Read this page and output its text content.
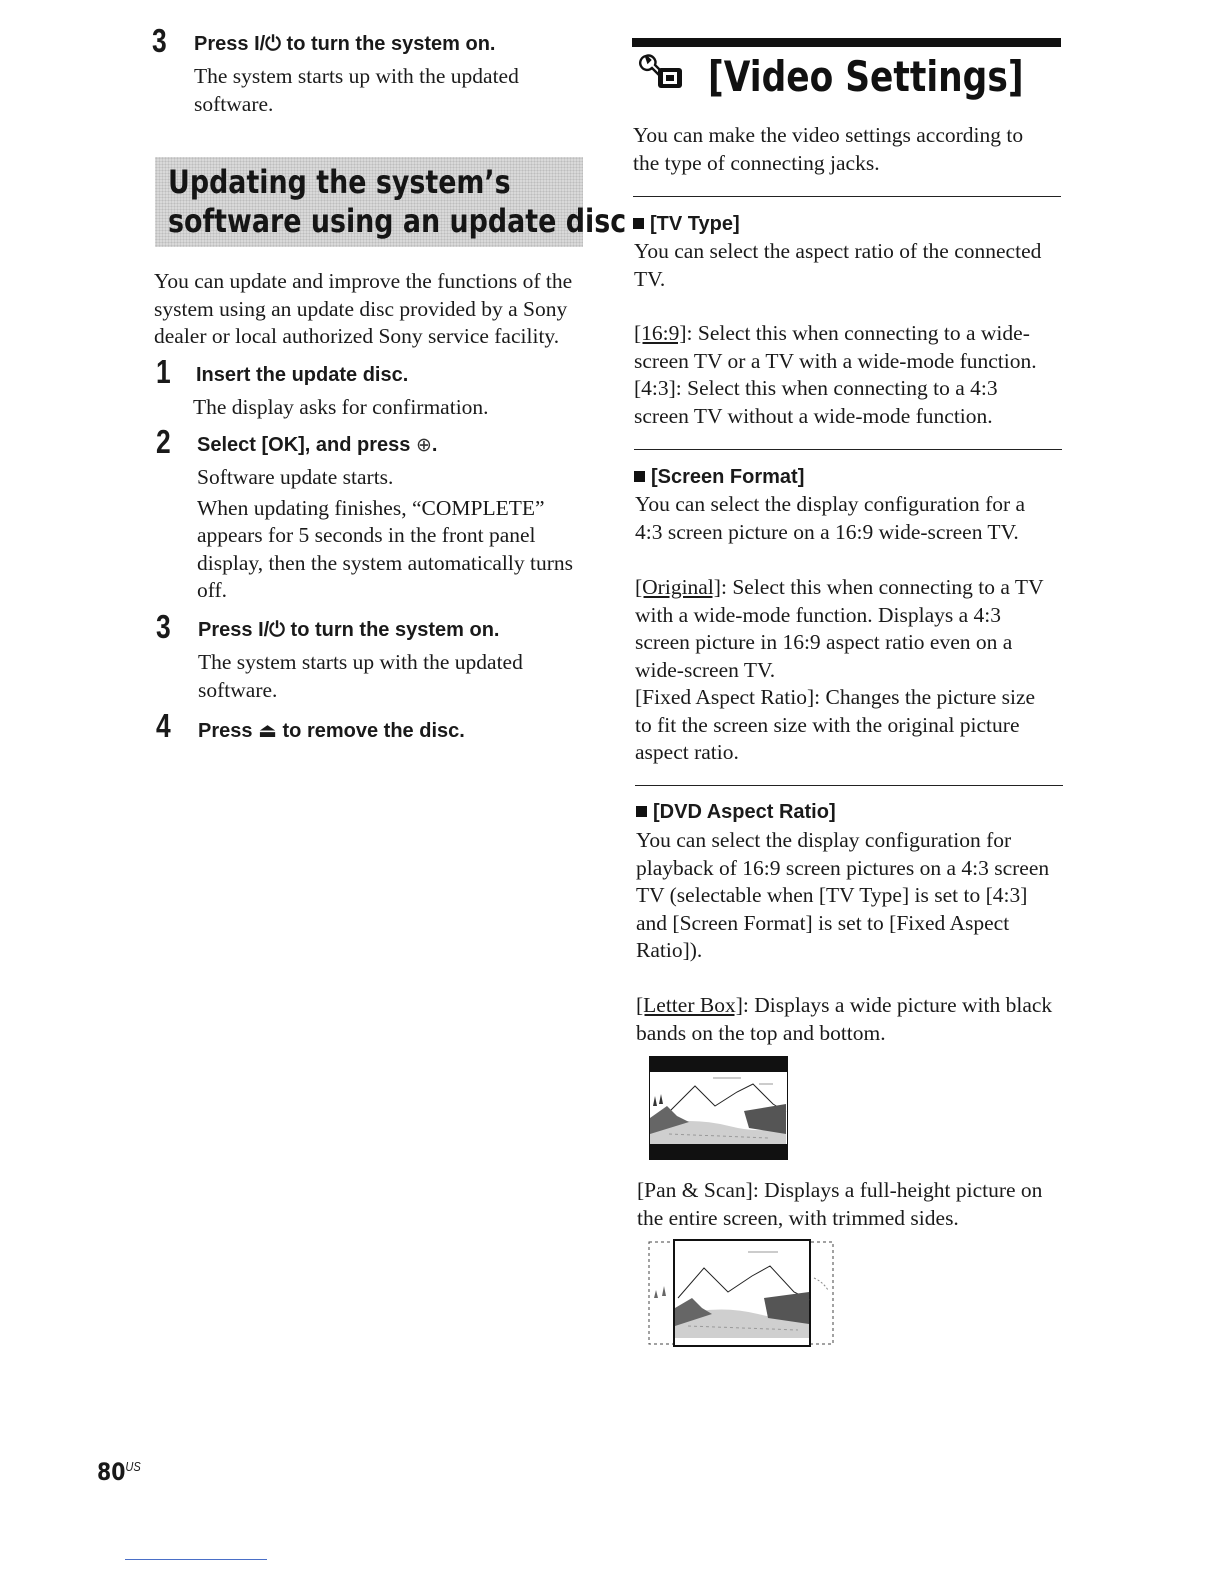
3 Press I/⏻ to turn the system on.
The system starts up with the updated
software.
Updating the system’s
software using an update disc
You can update and improve the functions of the
system using an update disc provided by a Sony
dealer or local authorized Sony service facility.
1 Insert the update disc.
The display asks for confirmation.
2 Select [OK], and press ⊕.
Software update starts.
When updating finishes, “COMPLETE”
appears for 5 seconds in the front panel
display, then the system automatically turns
off.
3 Press I/⏻ to turn the system on.
The system starts up with the updated
software.
4 Press ⏏ to remove the disc.
[Video Settings]
You can make the video settings according to
the type of connecting jacks.
[TV Type]
You can select the aspect ratio of the connected
TV.
[16:9]: Select this when connecting to a wide-
screen TV or a TV with a wide-mode function.
[4:3]: Select this when connecting to a 4:3
screen TV without a wide-mode function.
[Screen Format]
You can select the display configuration for a
4:3 screen picture on a 16:9 wide-screen TV.
[Original]: Select this when connecting to a TV
with a wide-mode function. Displays a 4:3
screen picture in 16:9 aspect ratio even on a
wide-screen TV.
[Fixed Aspect Ratio]: Changes the picture size
to fit the screen size with the original picture
aspect ratio.
[DVD Aspect Ratio]
You can select the display configuration for
playback of 16:9 screen pictures on a 4:3 screen
TV (selectable when [TV Type] is set to [4:3]
and [Screen Format] is set to [Fixed Aspect
Ratio]).
[Letter Box]: Displays a wide picture with black
bands on the top and bottom.
[Pan & Scan]: Displays a full-height picture on
the entire screen, with trimmed sides.
$80^{US}$
